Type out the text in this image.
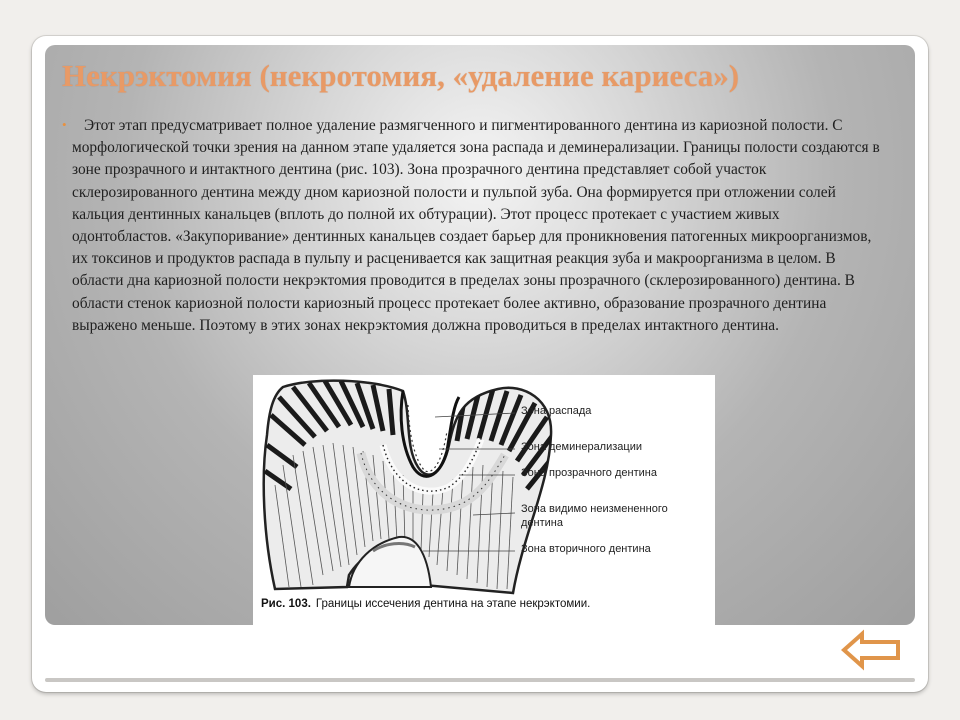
Некрэктомия (некротомия, «удаление кариеса»)
•	Этот этап предусматривает полное удаление размягченного и пигментированного дентина из кариозной полости. С морфологической точки зрения на данном этапе удаляется зона распада и деминерализации. Границы полости создаются в зоне прозрачного и интактного дентина (рис. 103). Зона прозрачного дентина представляет собой участок склерозированного дентина между дном кариозной полости и пульпой зуба. Она формируется при отложении солей кальция дентинных канальцев (вплоть до полной их обтурации). Этот процесс протекает с участием живых одонтобластов. «Закупоривание» дентинных канальцев создает барьер для проникновения патогенных микроорганизмов, их токсинов и продуктов распада в пульпу и расценивается как защитная реакция зуба и макроорганизма в целом. В области дна кариозной полости некрэктомия проводится в пределах зоны прозрачного (склерозированного) дентина. В области стенок кариозной полости кариозный процесс протекает более активно, образование прозрачного дентина выражено меньше. Поэтому в этих зонах некрэктомия должна проводиться в пределах интактного дентина.
Зона распада
Зона деминерализации
Зона прозрачного дентина
Зона видимо неизмененного
дентина
Зона вторичного дентина
Рис. 103. Границы иссечения дентина на этапе некрэктомии.
